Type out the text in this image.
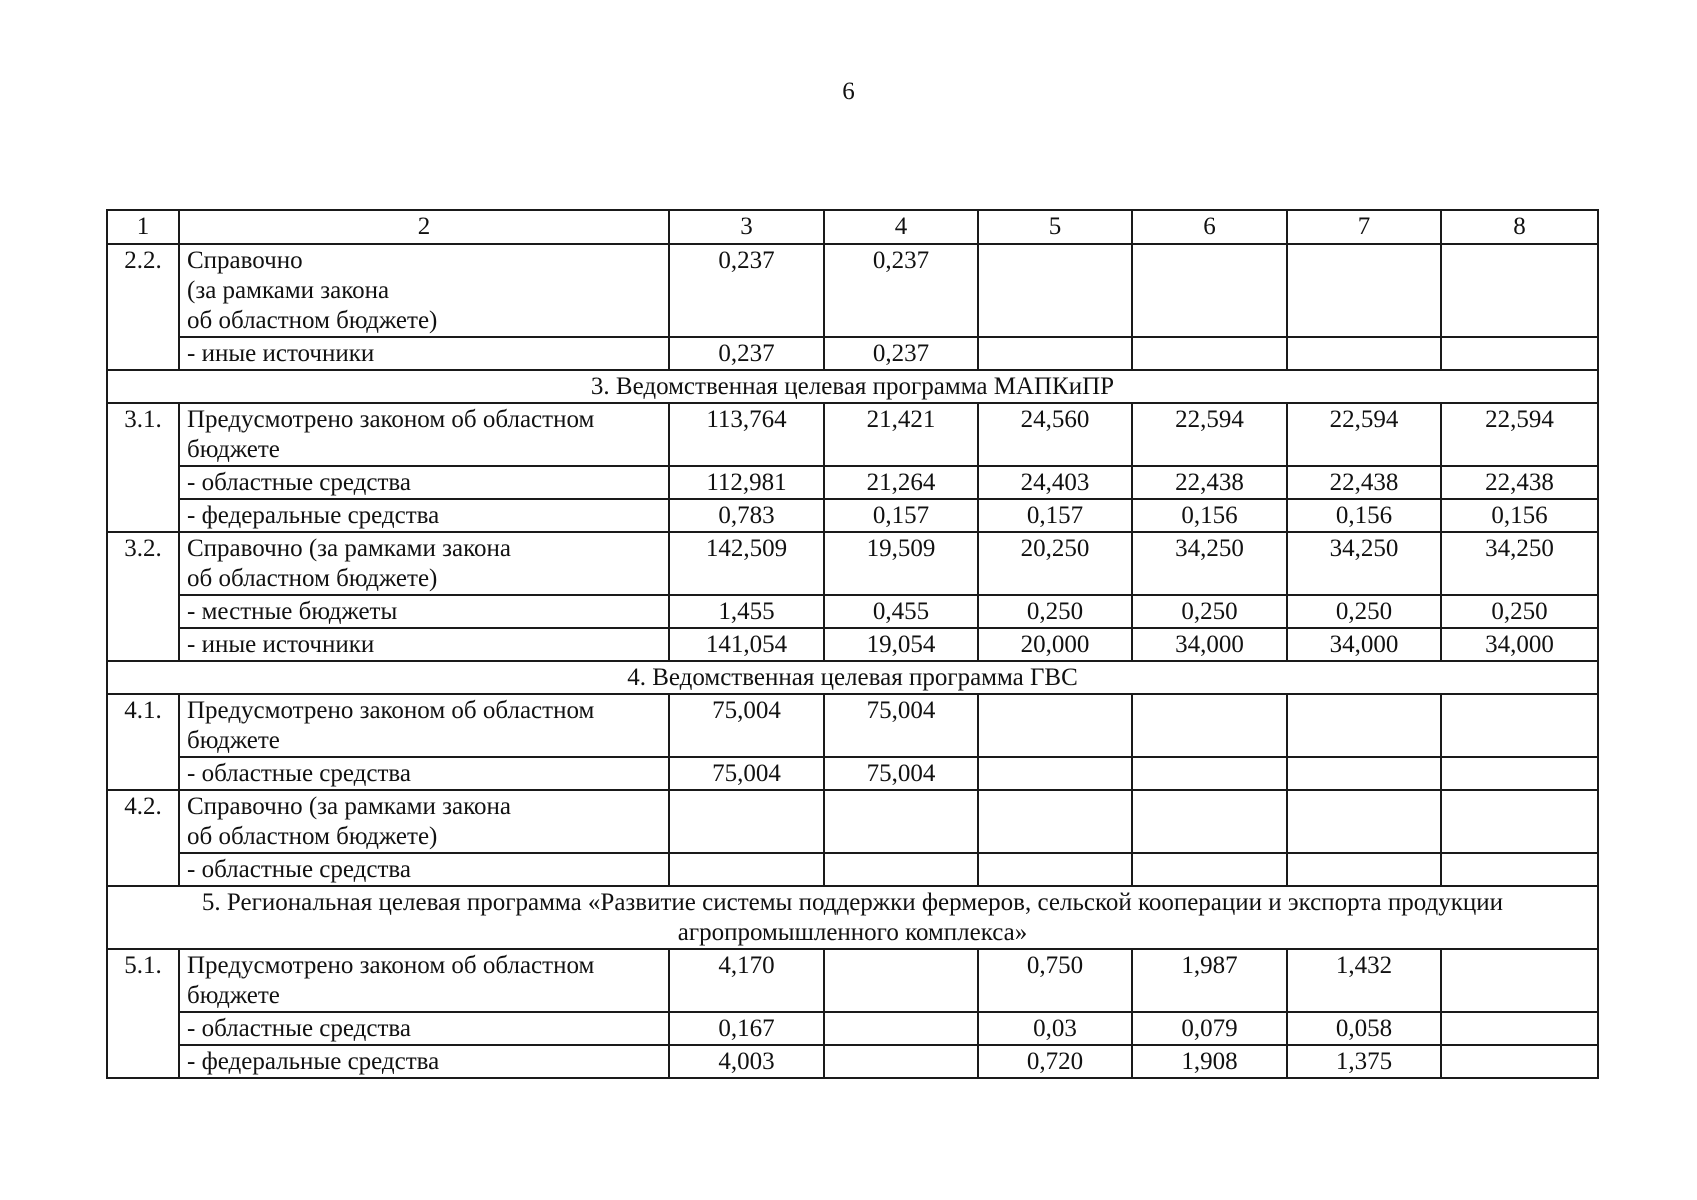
6
1	2	3	4	5	6	7	8
2.2.	Справочно
(за рамками закона
об областном бюджете)	0,237	0,237				
	- иные источники	0,237	0,237				
3. Ведомственная целевая программа МАПКиПР							
3.1.	Предусмотрено законом об областном бюджете	113,764	21,421	24,560	22,594	22,594	22,594
	- областные средства	112,981	21,264	24,403	22,438	22,438	22,438
	- федеральные средства	0,783	0,157	0,157	0,156	0,156	0,156
3.2.	Справочно (за рамками закона
об областном бюджете)	142,509	19,509	20,250	34,250	34,250	34,250
	- местные бюджеты	1,455	0,455	0,250	0,250	0,250	0,250
	- иные источники	141,054	19,054	20,000	34,000	34,000	34,000
4. Ведомственная целевая программа ГВС							
4.1.	Предусмотрено законом об областном бюджете	75,004	75,004				
	- областные средства	75,004	75,004				
4.2.	Справочно (за рамками закона
об областном бюджете)						
	- областные средства						
5. Региональная целевая программа «Развитие системы поддержки фермеров, сельской кооперации и экспорта продукции агропромышленного комплекса»							
5.1.	Предусмотрено законом об областном бюджете	4,170		0,750	1,987	1,432	
	- областные средства	0,167		0,03	0,079	0,058	
	- федеральные средства	4,003		0,720	1,908	1,375	
